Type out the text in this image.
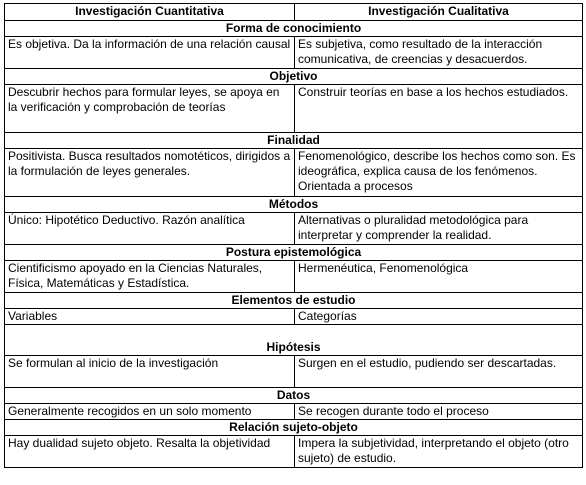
Investigación Cuantitativa	Investigación Cualitativa
Forma de conocimiento	
Es objetiva. Da la información de una relación causal	Es subjetiva, como resultado de la interacción comunicativa, de creencias y desacuerdos.
Objetivo	
Descubrir hechos para formular leyes, se apoya en la verificación y comprobación de teorías	Construir teorías en base a los hechos estudiados.
Finalidad	
Positivista. Busca resultados nomotéticos, dirigidos a la formulación de leyes generales.	Fenomenológico, describe los hechos como son. Es ideográfica, explica causa de los fenómenos. Orientada a procesos
Métodos	
Único: Hipotético Deductivo. Razón analítica	Alternativas o pluralidad metodológica para interpretar y comprender la realidad.
Postura epistemológica	
Cientificismo apoyado en la Ciencias Naturales, Física, Matemáticas y Estadística.	Hermenéutica, Fenomenológica
Elementos de estudio	
Variables	Categorías
Hipótesis	
Se formulan al inicio de la investigación	Surgen en el estudio, pudiendo ser descartadas.
Datos	
Generalmente recogidos en un solo momento	Se recogen durante todo el proceso
Relación sujeto-objeto	
Hay dualidad sujeto objeto. Resalta la objetividad	Impera la subjetividad, interpretando el objeto (otro sujeto) de estudio.
